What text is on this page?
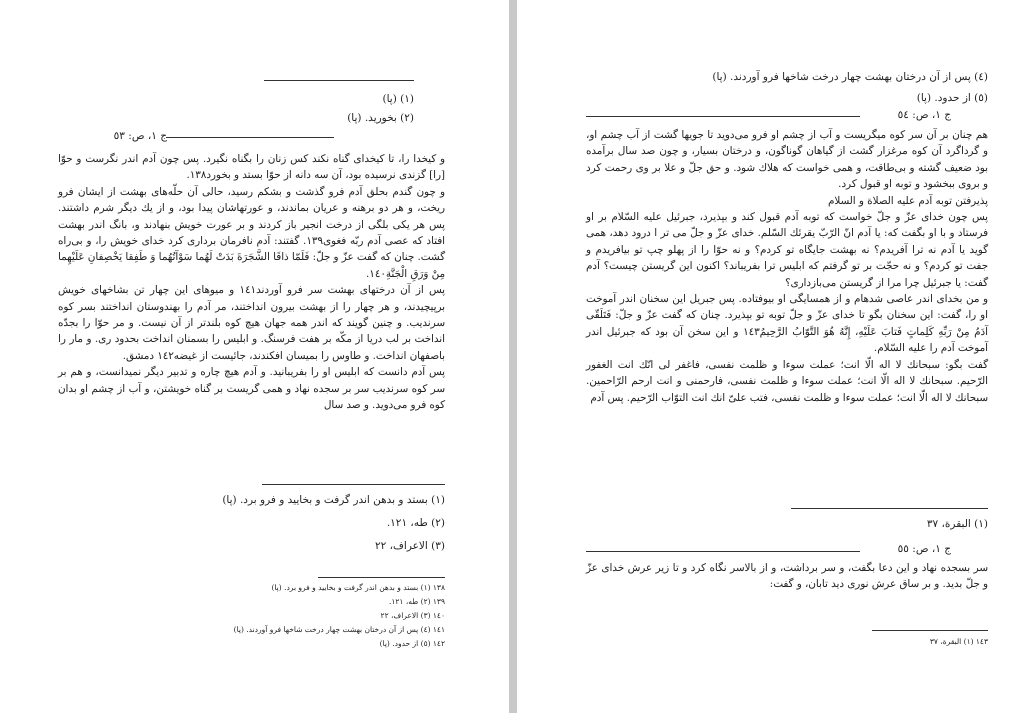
(١) (پا)
(٢) بخورید. (پا)
ج ١، ص: ٥٣

و کیخدا را، تا کیخدای گناه نکند کس زنان را بگناه نگیرد. پس چون آدم اندر نگرست و حوّا [را] گزندی نرسیده بود، آن سه دانه از حوّا بستد و بخورد١٣٨.

و چون گندم بحلق آدم فرو گذشت و بشکم رسید، حالی آن حلّه‌های بهشت از ایشان فرو ریخت، و هر دو برهنه و عریان بماندند، و عورتهاشان پیدا بود، و از یك دیگر شرم داشتند. پس هر یکی بلگی از درخت انجیر باز کردند و بر عورت خویش بنهادند و، بانگ اندر بهشت افتاد که عصی آدم ربّه فغوی١٣٩. گفتند: آدم نافرمان برداری کرد خدای خویش را، و بی‌راه گشت. چنان که گفت عزّ و جلّ: فَلَمّا ذاقَا الشَّجَرَةَ بَدَتْ لَهُما سَوْآتُهُما وَ طَفِقا یَخْصِفانِ عَلَیْهِما مِنْ وَرَقِ الْجَنَّةِ١٤٠.

پس از آن درختهای بهشت سر فرو آوردند١٤١ و میوهای این چهار تن بشاخهای خویش برپیچیدند، و هر چهار را از بهشت بیرون انداختند، مر آدم را بهندوستان انداختند بسر کوه سرندیب. و چنین گویند که اندر همه جهان هیچ کوه بلندتر از آن نیست. و مر حوّا را بجدّه انداخت بر لب دریا از مکّه بر هفت فرسنگ. و ابلیس را بسمنان انداخت بحدود ری. و مار را باصفهان انداخت. و طاوس را بمیسان افکندند، جائیست از غیضه١٤٢ دمشق.

پس آدم دانست که ابلیس او را بفریبانید. و آدم هیچ چاره و تدبیر دیگر نمیدانست، و هم بر سر کوه سرندیب سر بر سجده نهاد و همی گریست بر گناه خویشتن، و آب از چشم او بدان کوه فرو می‌دوید. و صد سال

(١) بستد و بدهن اندر گرفت و بخایید و فرو برد. (پا)
(٢) طه، ١٢١.
(٣) الاعراف، ٢٢
١٣٨ (١) بستد و بدهن اندر گرفت و بخایید و فرو برد. (پا)
١٣٩ (٢) طه، ١٢١.
١٤٠ (٣) الاعراف، ٢٢
١٤١ (٤) پس از آن درختان بهشت چهار درخت شاخها فرو آوردند. (پا)
١٤٢ (٥) از حدود. (پا)
(٤) پس از آن درختان بهشت چهار درخت شاخها فرو آوردند. (پا)
(٥) از حدود. (پا)
ج ١، ص: ٥٤

هم چنان بر آن سر کوه میگریست و آب از چشم او فرو می‌دوید تا جویها گشت از آب چشم او، و گرداگرد آن کوه مرغزار گشت از گیاهان گوناگون، و درختان بسیار، و چون صد سال برآمده بود ضعیف گشته و بی‌طاقت، و همی خواست که هلاك شود. و حق جلّ و علا بر وی رحمت کرد و بروی ببخشود و توبه او قبول کرد.

پذیرفتن توبه آدم علیه الصلاة و السلام

پس چون خدای عزّ و جلّ خواست که توبه آدم قبول کند و بپذیرد، جبرئیل علیه السّلام بر او فرستاد و با او بگفت که: یا آدم انّ الرّبّ یقرئك السّلم. خدای عزّ و جلّ می تر ا درود دهد، همی گوید یا آدم نه ترا آفریدم؟ نه بهشت جایگاه تو کردم؟ و نه حوّا را از پهلو چپ تو بیافریدم و جفت تو کردم؟ و نه حجّت بر تو گرفتم که ابلیس ترا بفریباند؟ اکنون این گریستن چیست؟ آدم گفت: یا جبرئیل چرا مرا از گریستن می‌بازداری؟

و من بخدای اندر عاصی شدهام و از همسایگی او بیوفتاده. پس جبریل این سخنان اندر آموخت او را، گفت: این سخنان بگو تا خدای عزّ و جلّ توبه تو بپذیرد. چنان که گفت عزّ و جلّ: فَتَلَقّی آدَمُ مِنْ رَبِّهِ کَلِماتٍ فَتابَ عَلَیْهِ، إِنَّهُ هُوَ التَّوّابُ الرَّحِیمُ١٤٣ و این سخن آن بود که جبرئیل اندر آموخت آدم را علیه السّلام.

گفت بگو: سبحانك لا اله الّا انت؛ عملت سوءا و ظلمت نفسی، فاغفر لی انّك انت الغفور الرّحیم. سبحانك لا اله الّا انت؛ عملت سوءا و ظلمت نفسی، فارحمنی و انت ارحم الرّاحمین. سبحانك لا اله الّا انت؛ عملت سوءا و ظلمت نفسی، فتب علیّ انك انت التوّاب الرّحیم. پس آدم

(١) البقرة، ٣٧
ج ١، ص: ٥٥

سر بسجده نهاد و این دعا بگفت، و سر برداشت، و از بالاسر نگاه کرد و تا زیر عرش خدای عزّ و جلّ بدید. و بر ساق عرش نوری دید تابان، و گفت:

١٤٣ (١) البقرة، ٣٧
